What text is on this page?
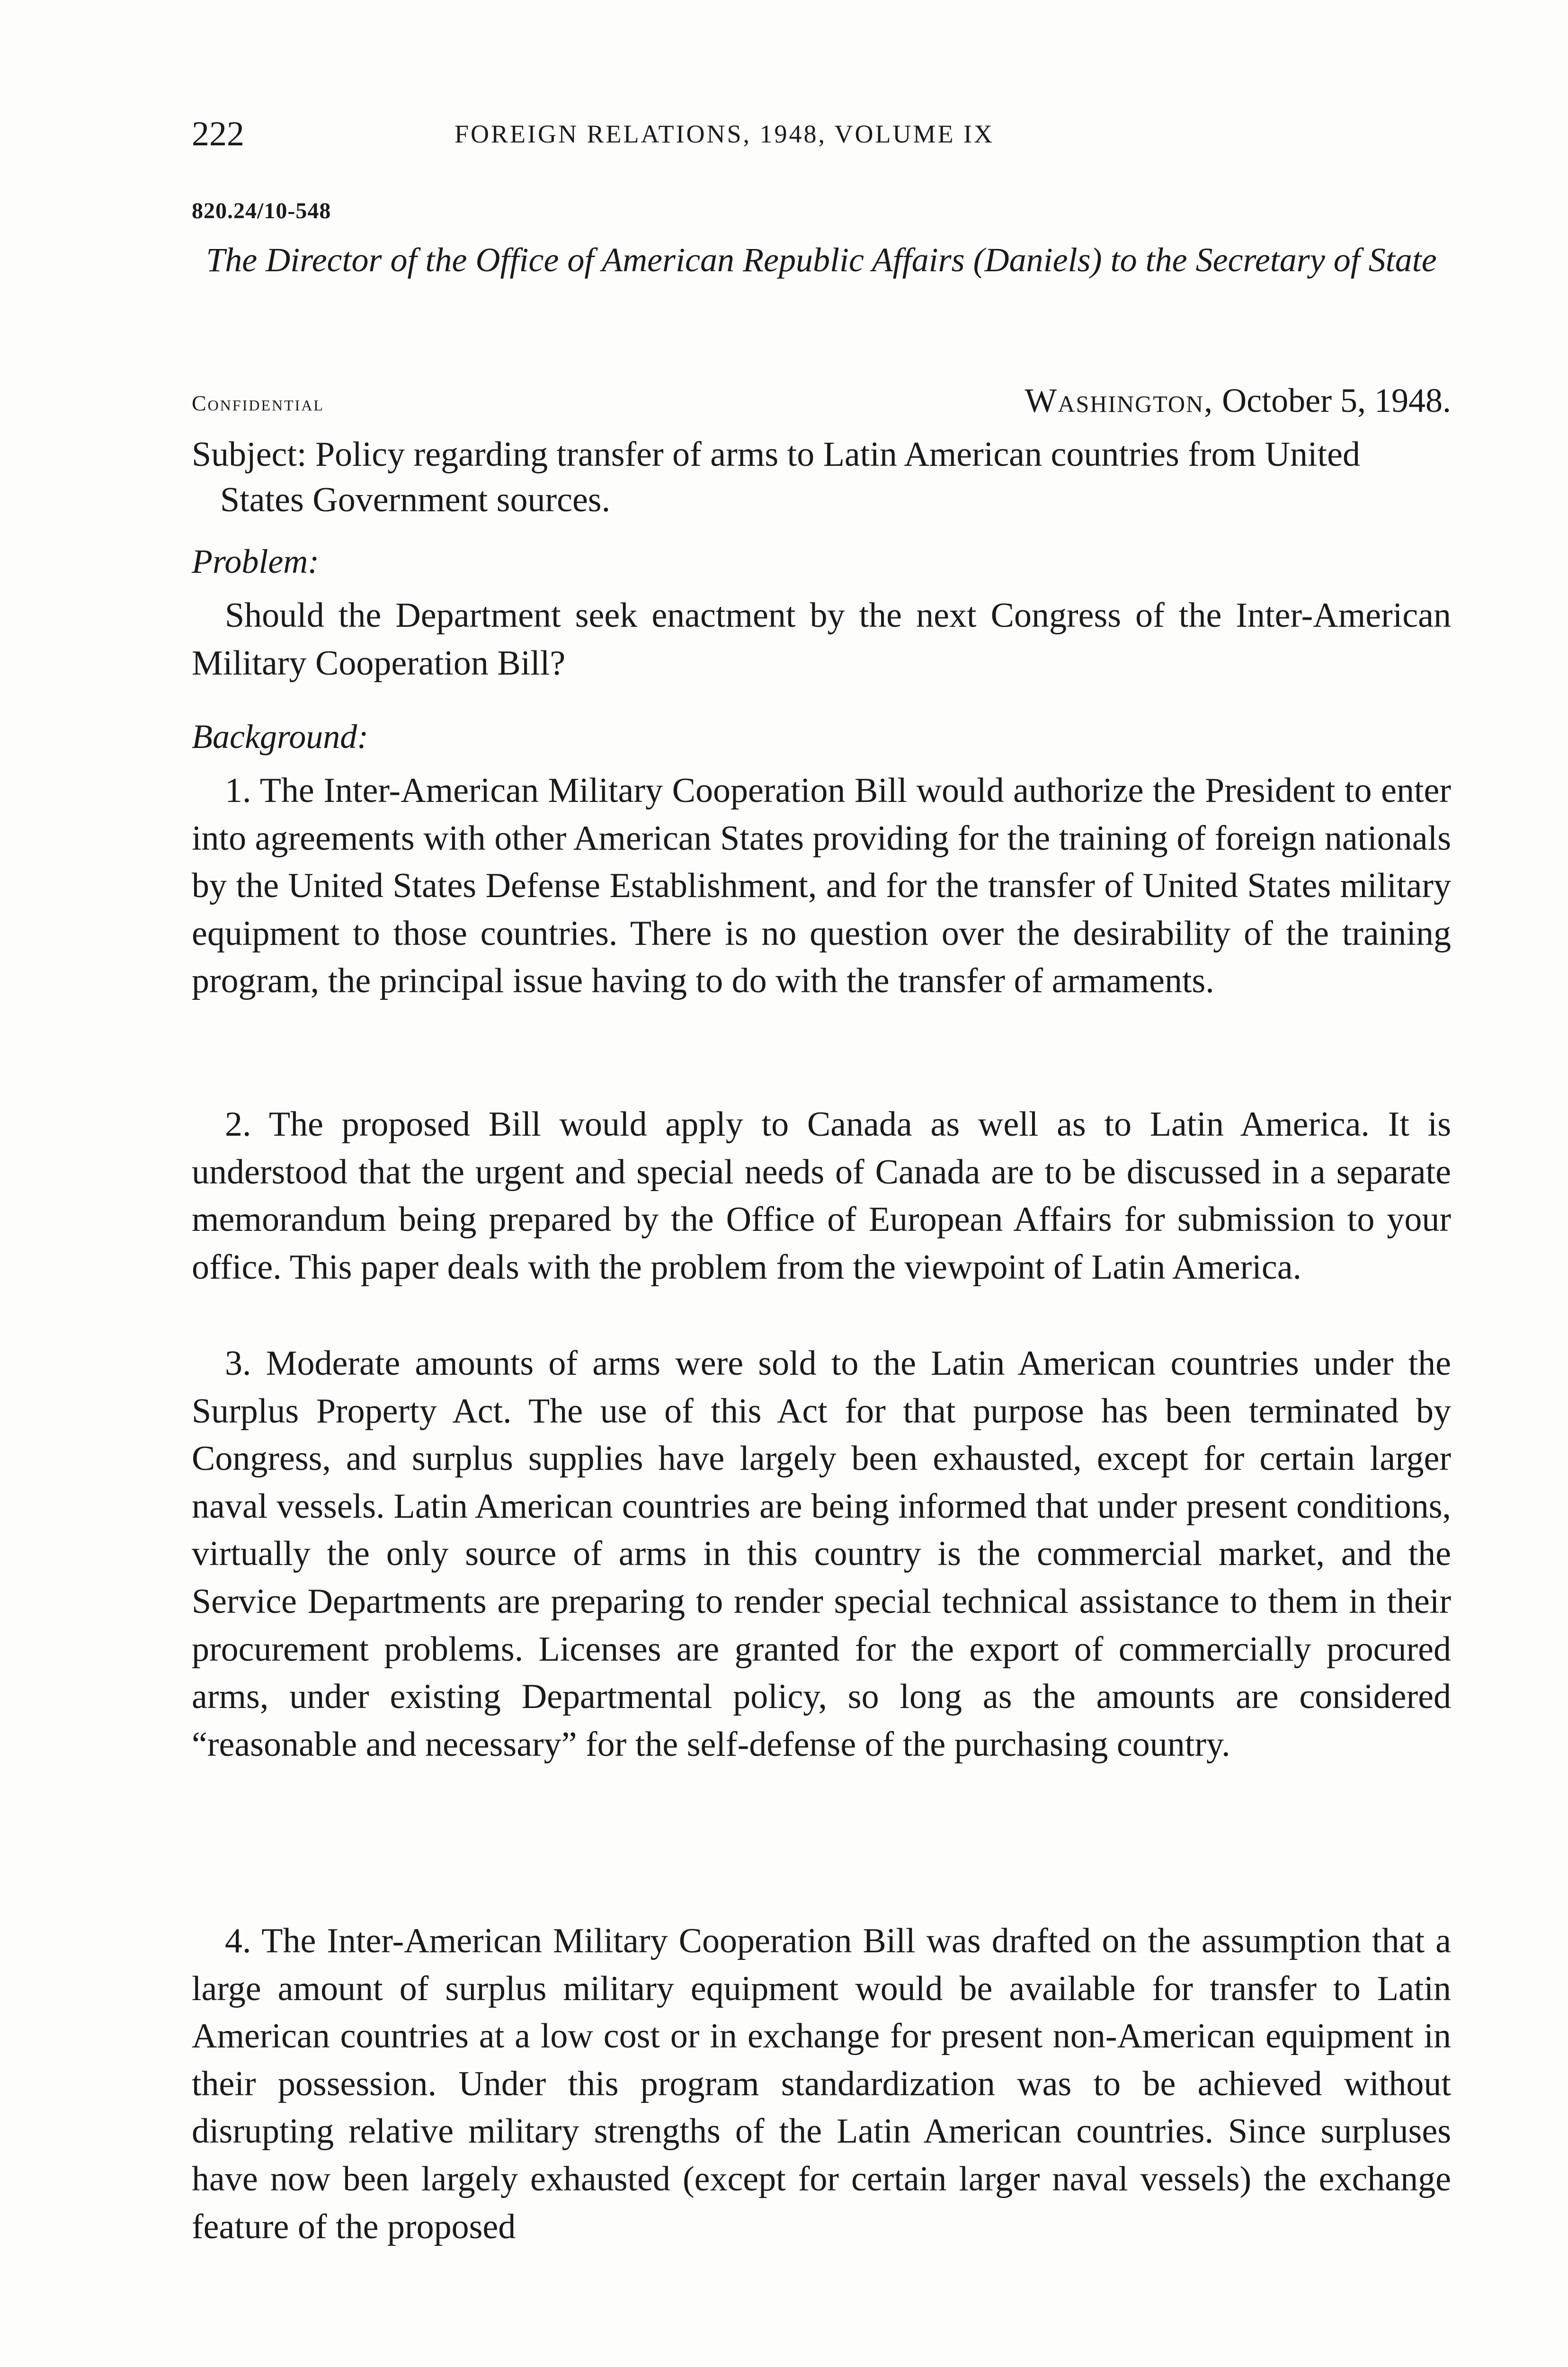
222	FOREIGN RELATIONS, 1948, VOLUME IX
820.24/10-548
The Director of the Office of American Republic Affairs (Daniels) to the Secretary of State
Confidential	Washington, October 5, 1948.
Subject: Policy regarding transfer of arms to Latin American countries from United States Government sources.
Problem:

Should the Department seek enactment by the next Congress of the Inter-American Military Cooperation Bill?

Background:

1. The Inter-American Military Cooperation Bill would authorize the President to enter into agreements with other American States providing for the training of foreign nationals by the United States Defense Establishment, and for the transfer of United States military equipment to those countries. There is no question over the desirability of the training program, the principal issue having to do with the transfer of armaments.

2. The proposed Bill would apply to Canada as well as to Latin America. It is understood that the urgent and special needs of Canada are to be discussed in a separate memorandum being prepared by the Office of European Affairs for submission to your office. This paper deals with the problem from the viewpoint of Latin America.

3. Moderate amounts of arms were sold to the Latin American countries under the Surplus Property Act. The use of this Act for that purpose has been terminated by Congress, and surplus supplies have largely been exhausted, except for certain larger naval vessels. Latin American countries are being informed that under present conditions, virtually the only source of arms in this country is the commercial market, and the Service Departments are preparing to render special technical assistance to them in their procurement problems. Licenses are granted for the export of commercially procured arms, under existing Departmental policy, so long as the amounts are considered “reasonable and necessary” for the self-defense of the purchasing country.

4. The Inter-American Military Cooperation Bill was drafted on the assumption that a large amount of surplus military equipment would be available for transfer to Latin American countries at a low cost or in exchange for present non-American equipment in their possession. Under this program standardization was to be achieved without disrupting relative military strengths of the Latin American countries. Since surpluses have now been largely exhausted (except for certain larger naval vessels) the exchange feature of the proposed
